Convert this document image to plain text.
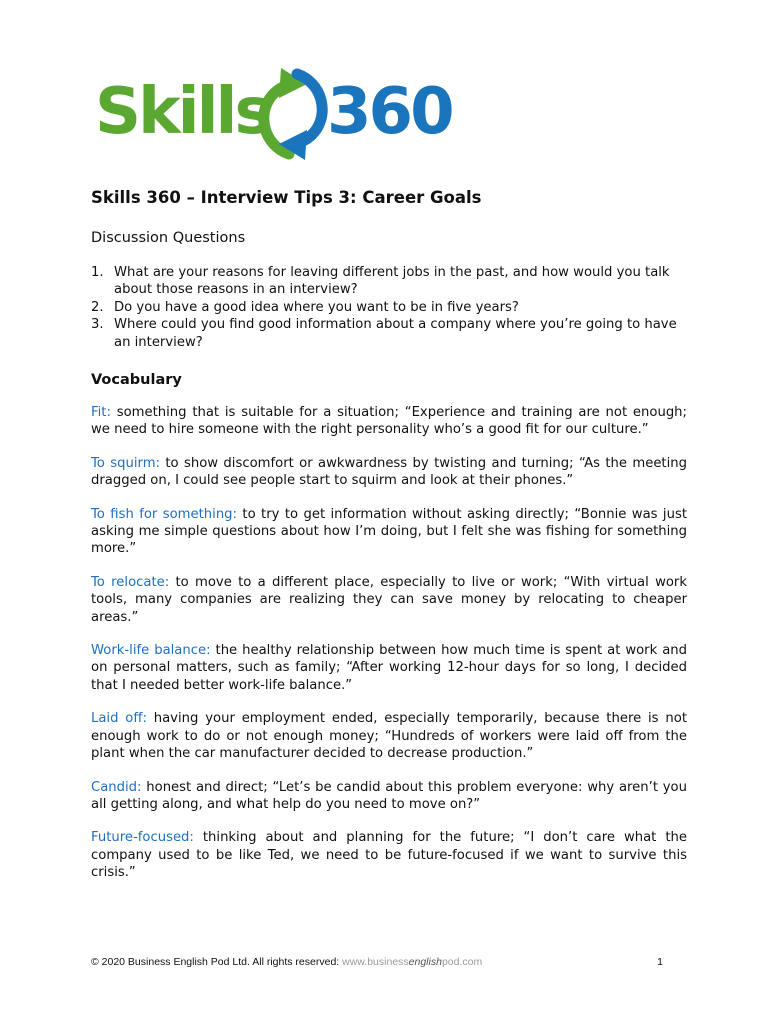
Skills 360
Skills 360 – Interview Tips 3: Career Goals
Discussion Questions
1. What are your reasons for leaving different jobs in the past, and how would you talk about those reasons in an interview?
2. Do you have a good idea where you want to be in five years?
3. Where could you find good information about a company where you’re going to have an interview?
Vocabulary

Fit: something that is suitable for a situation; “Experience and training are not enough; we need to hire someone with the right personality who’s a good fit for our culture.”

To squirm: to show discomfort or awkwardness by twisting and turning; “As the meeting dragged on, I could see people start to squirm and look at their phones.”

To fish for something: to try to get information without asking directly; “Bonnie was just asking me simple questions about how I’m doing, but I felt she was fishing for something more.”

To relocate: to move to a different place, especially to live or work; “With virtual work tools, many companies are realizing they can save money by relocating to cheaper areas.”

Work-life balance: the healthy relationship between how much time is spent at work and on personal matters, such as family; “After working 12-hour days for so long, I decided that I needed better work-life balance.”

Laid off: having your employment ended, especially temporarily, because there is not enough work to do or not enough money; “Hundreds of workers were laid off from the plant when the car manufacturer decided to decrease production.”

Candid: honest and direct; “Let’s be candid about this problem everyone: why aren’t you all getting along, and what help do you need to move on?”

Future-focused: thinking about and planning for the future; “I don’t care what the company used to be like Ted, we need to be future-focused if we want to survive this crisis.”

© 2020 Business English Pod Ltd. All rights reserved: www.businessenglishpod.com	1
